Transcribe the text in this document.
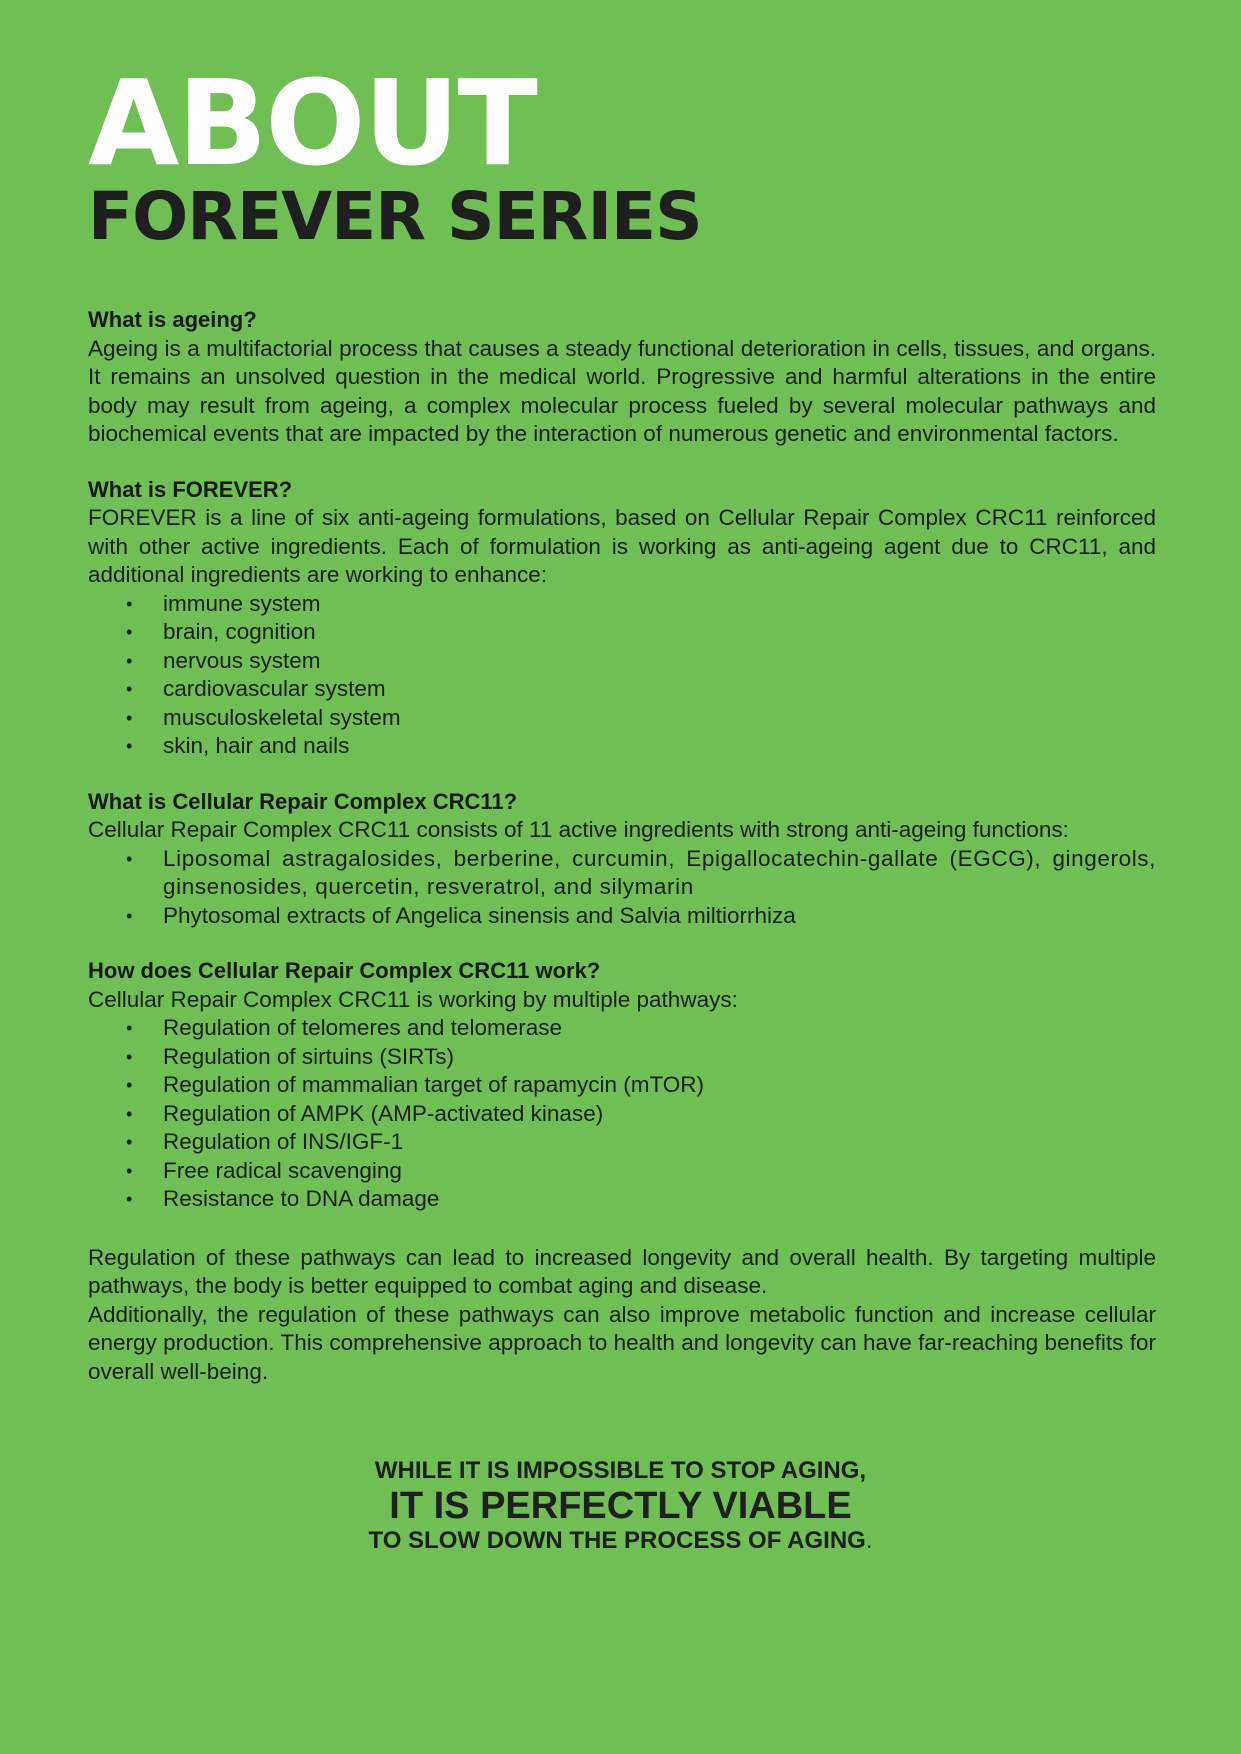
ABOUT
FOREVER SERIES
What is ageing?

Ageing is a multifactorial process that causes a steady functional deterioration in cells, tissues, and organs. It remains an unsolved question in the medical world. Progressive and harmful alterations in the entire body may result from ageing, a complex molecular process fueled by several molecular pathways and biochemical events that are impacted by the interaction of numerous genetic and environmental factors.

What is FOREVER?

FOREVER is a line of six anti-ageing formulations, based on Cellular Repair Complex CRC11 reinforced with other active ingredients. Each of formulation is working as anti-ageing agent due to CRC11, and additional ingredients are working to enhance:

• immune system
• brain, cognition
• nervous system
• cardiovascular system
• musculoskeletal system
• skin, hair and nails
What is Cellular Repair Complex CRC11?

Cellular Repair Complex CRC11 consists of 11 active ingredients with strong anti-ageing functions:

• Liposomal astragalosides, berberine, curcumin, Epigallocatechin-gallate (EGCG), gingerols, ginsenosides, quercetin, resveratrol, and silymarin
• Phytosomal extracts of Angelica sinensis and Salvia miltiorrhiza
How does Cellular Repair Complex CRC11 work?

Cellular Repair Complex CRC11 is working by multiple pathways:

• Regulation of telomeres and telomerase
• Regulation of sirtuins (SIRTs)
• Regulation of mammalian target of rapamycin (mTOR)
• Regulation of AMPK (AMP-activated kinase)
• Regulation of INS/IGF-1
• Free radical scavenging
• Resistance to DNA damage

Regulation of these pathways can lead to increased longevity and overall health. By targeting multiple pathways, the body is better equipped to combat aging and disease.

Additionally, the regulation of these pathways can also improve metabolic function and increase cellular energy production. This comprehensive approach to health and longevity can have far-reaching benefits for overall well-being.

WHILE IT IS IMPOSSIBLE TO STOP AGING,

IT IS PERFECTLY VIABLE

TO SLOW DOWN THE PROCESS OF AGING.
